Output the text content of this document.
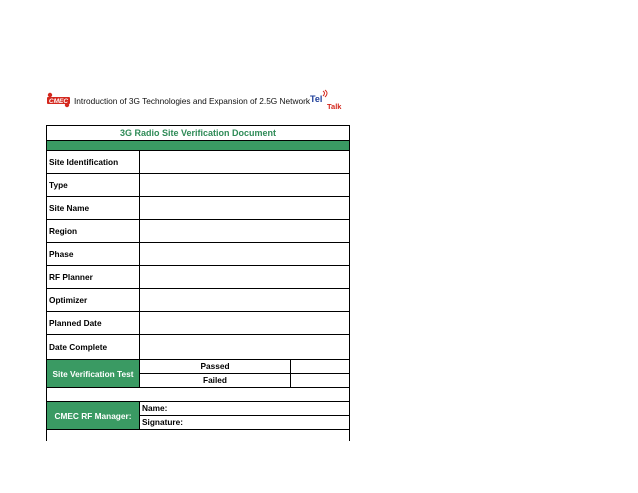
CMEC Introduction of 3G Technologies and Expansion of 2.5G Network Tel
Talk
3G Radio Site Verification Document
Site Identification
Type
Site Name
Region
Phase
RF Planner
Optimizer
Planned Date
Date Complete
Site Verification Test
Passed
Failed
CMEC RF Manager:
Name:
Signature:
